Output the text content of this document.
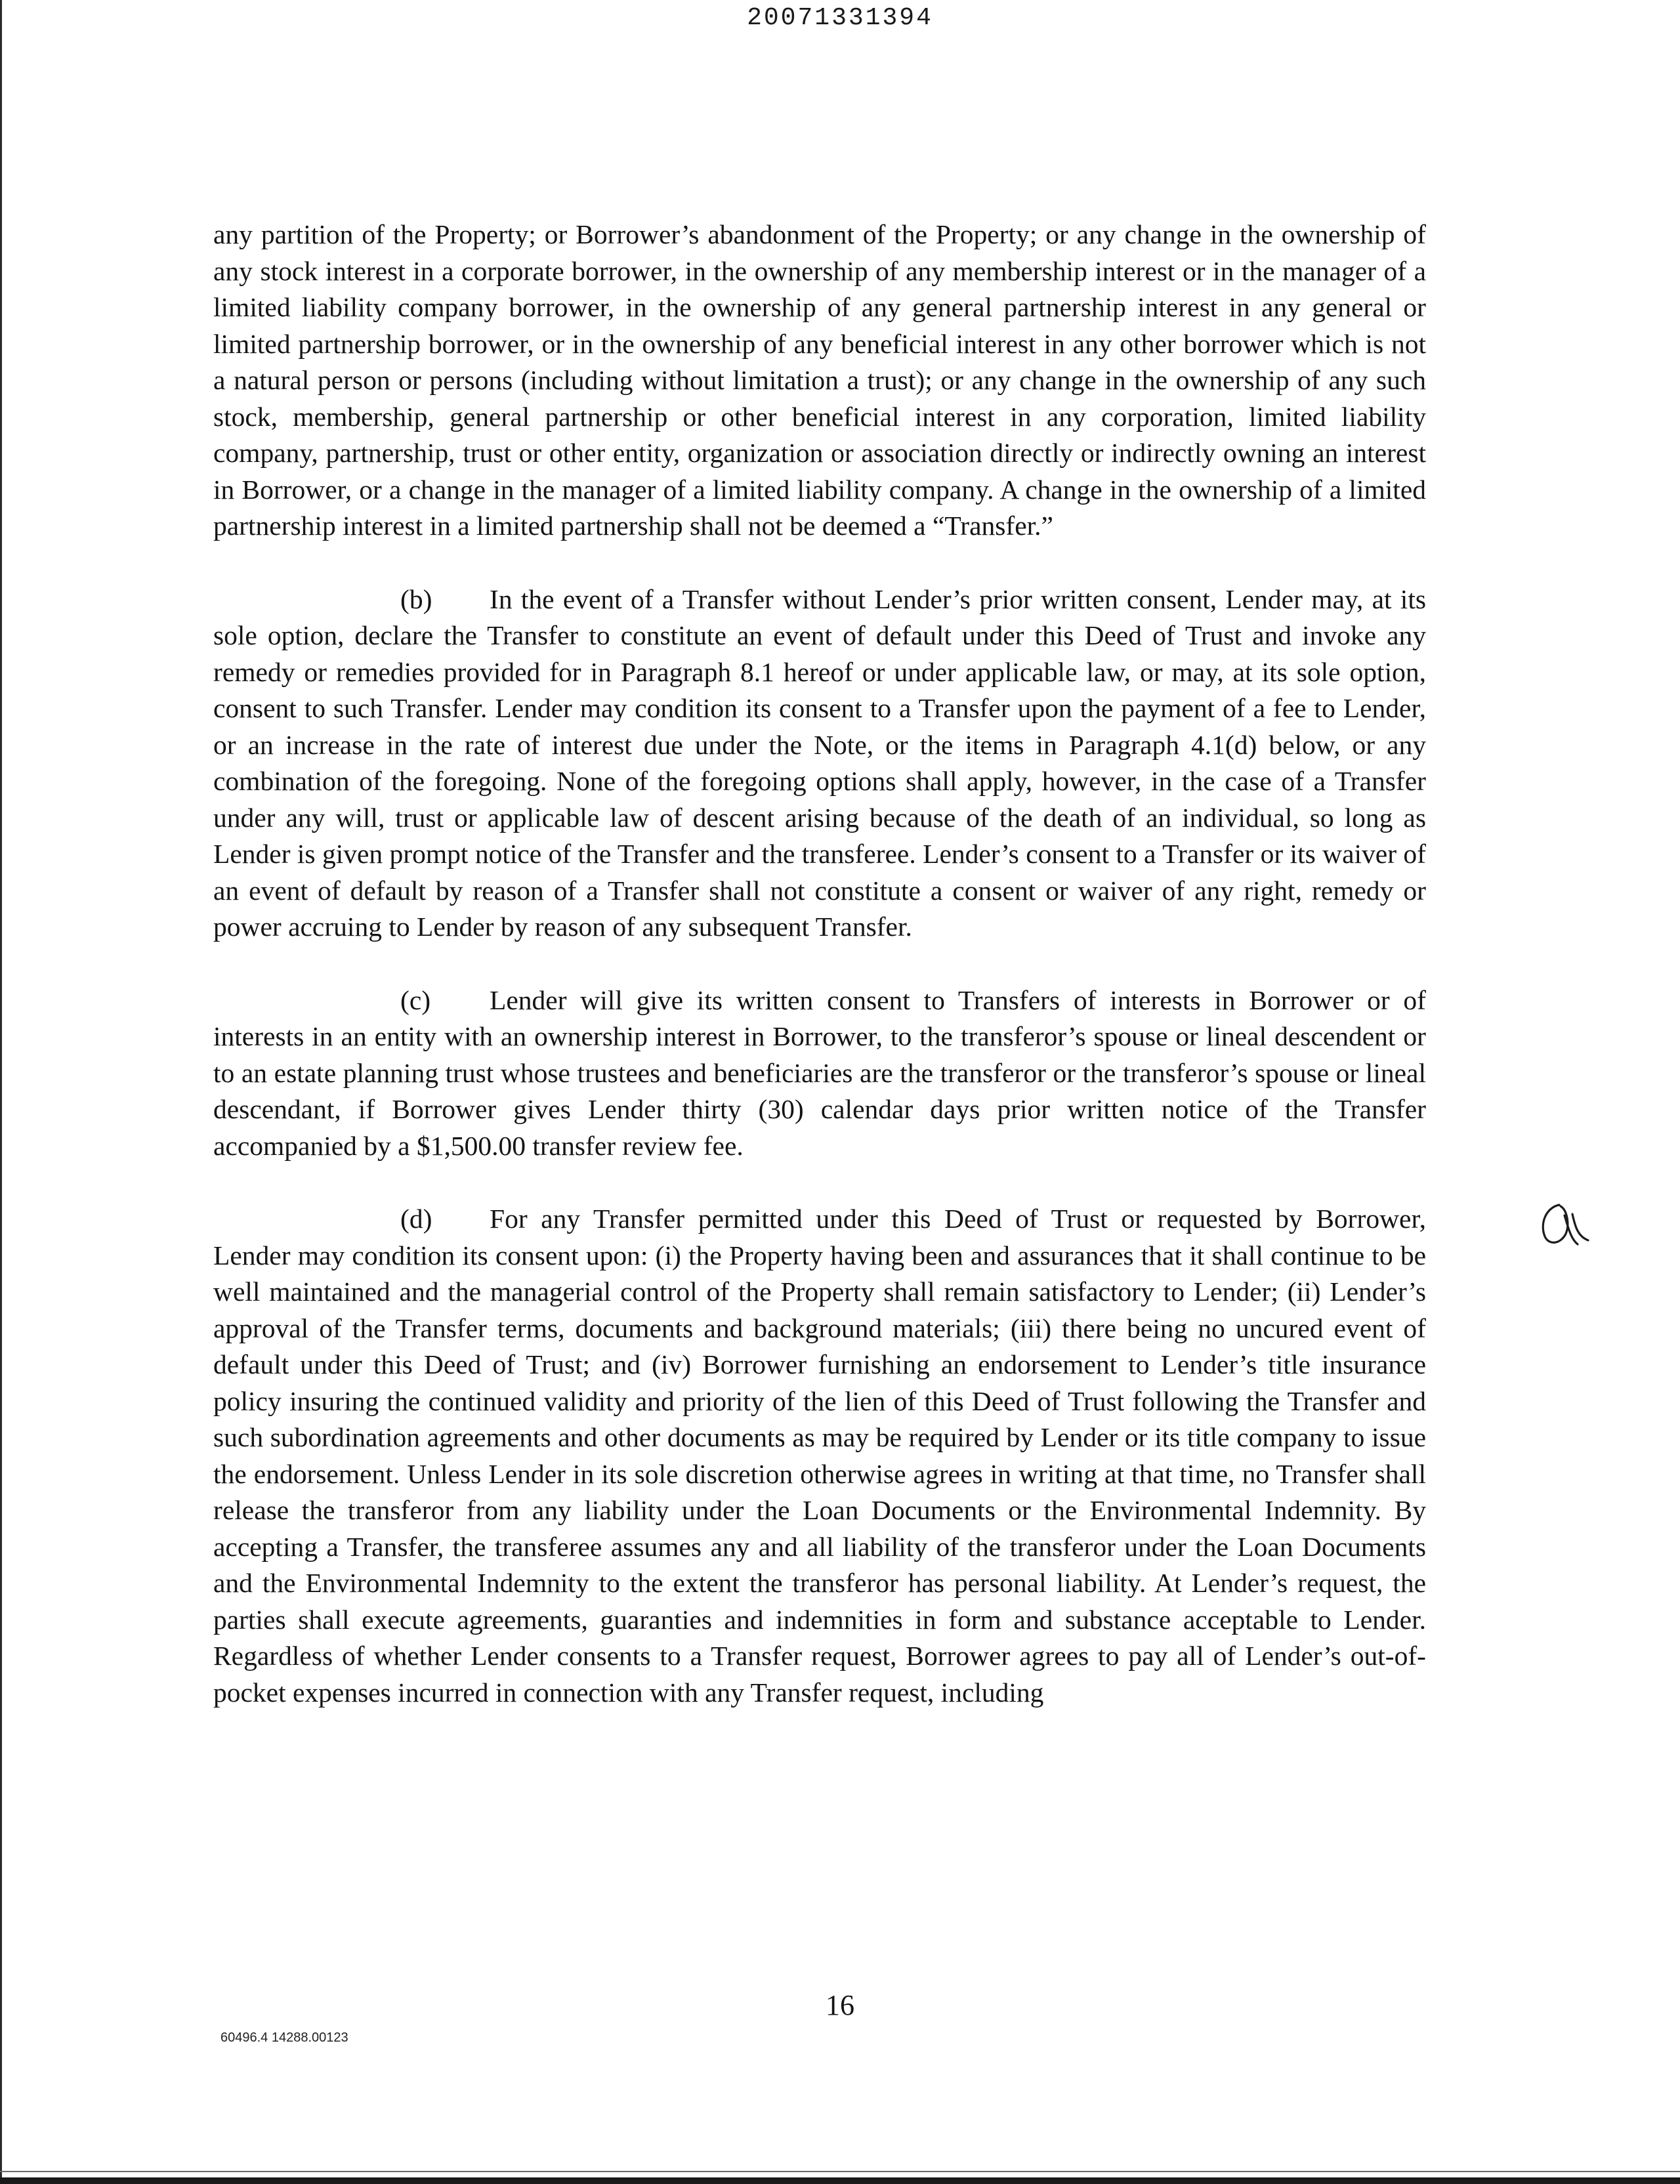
20071331394

any partition of the Property; or Borrower’s abandonment of the Property; or any change in the ownership of any stock interest in a corporate borrower, in the ownership of any membership interest or in the manager of a limited liability company borrower, in the ownership of any general partnership interest in any general or limited partnership borrower, or in the ownership of any beneficial interest in any other borrower which is not a natural person or persons (including without limitation a trust); or any change in the ownership of any such stock, membership, general partnership or other beneficial interest in any corporation, limited liability company, partnership, trust or other entity, organization or association directly or indirectly owning an interest in Borrower, or a change in the manager of a limited liability company. A change in the ownership of a limited partnership interest in a limited partnership shall not be deemed a “Transfer.”

(b) In the event of a Transfer without Lender’s prior written consent, Lender may, at its sole option, declare the Transfer to constitute an event of default under this Deed of Trust and invoke any remedy or remedies provided for in Paragraph 8.1 hereof or under applicable law, or may, at its sole option, consent to such Transfer. Lender may condition its consent to a Transfer upon the payment of a fee to Lender, or an increase in the rate of interest due under the Note, or the items in Paragraph 4.1(d) below, or any combination of the foregoing. None of the foregoing options shall apply, however, in the case of a Transfer under any will, trust or applicable law of descent arising because of the death of an individual, so long as Lender is given prompt notice of the Transfer and the transferee. Lender’s consent to a Transfer or its waiver of an event of default by reason of a Transfer shall not constitute a consent or waiver of any right, remedy or power accruing to Lender by reason of any subsequent Transfer.

(c) Lender will give its written consent to Transfers of interests in Borrower or of interests in an entity with an ownership interest in Borrower, to the transferor’s spouse or lineal descendent or to an estate planning trust whose trustees and beneficiaries are the transferor or the transferor’s spouse or lineal descendant, if Borrower gives Lender thirty (30) calendar days prior written notice of the Transfer accompanied by a $1,500.00 transfer review fee.

(d) For any Transfer permitted under this Deed of Trust or requested by Borrower, Lender may condition its consent upon: (i) the Property having been and assurances that it shall continue to be well maintained and the managerial control of the Property shall remain satisfactory to Lender; (ii) Lender’s approval of the Transfer terms, documents and background materials; (iii) there being no uncured event of default under this Deed of Trust; and (iv) Borrower furnishing an endorsement to Lender’s title insurance policy insuring the continued validity and priority of the lien of this Deed of Trust following the Transfer and such subordination agreements and other documents as may be required by Lender or its title company to issue the endorsement. Unless Lender in its sole discretion otherwise agrees in writing at that time, no Transfer shall release the transferor from any liability under the Loan Documents or the Environmental Indemnity. By accepting a Transfer, the transferee assumes any and all liability of the transferor under the Loan Documents and the Environmental Indemnity to the extent the transferor has personal liability. At Lender’s request, the parties shall execute agreements, guaranties and indemnities in form and substance acceptable to Lender. Regardless of whether Lender consents to a Transfer request, Borrower agrees to pay all of Lender’s out-of-pocket expenses incurred in connection with any Transfer request, including

16
60496.4 14288.00123
